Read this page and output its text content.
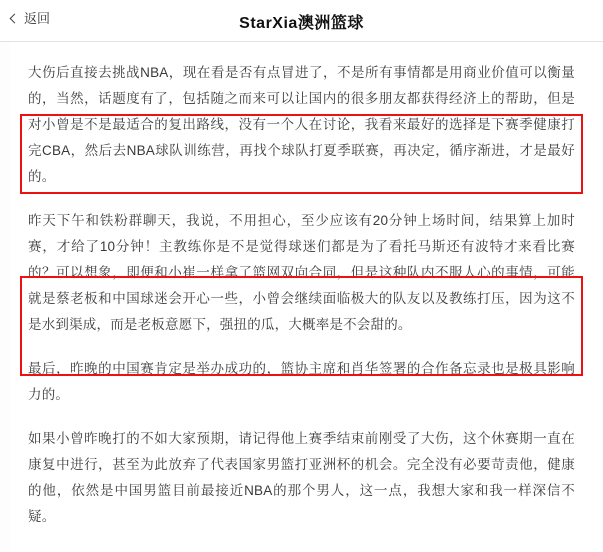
返回	StarXia澳洲篮球

大伤后直接去挑战NBA，现在看是否有点冒进了，不是所有事情都是用商业价值可以衡量的，当然，话题度有了，包括随之而来可以让国内的很多朋友都获得经济上的帮助，但是对小曾是不是最适合的复出路线，没有一个人在讨论，我看来最好的选择是下赛季健康打完CBA，然后去NBA球队训练营，再找个球队打夏季联赛，再决定，循序渐进，才是最好的。

昨天下午和铁粉群聊天，我说，不用担心，至少应该有20分钟上场时间，结果算上加时赛，才给了10分钟！主教练你是不是觉得球迷们都是为了看托马斯还有波特才来看比赛的？可以想象，即便和小崔一样拿了篮网双向合同，但是这种队内不服人心的事情，可能就是蔡老板和中国球迷会开心一些，小曾会继续面临极大的队友以及教练打压，因为这不是水到渠成，而是老板意愿下，强扭的瓜，大概率是不会甜的。

最后，昨晚的中国赛肯定是举办成功的，篮协主席和肖华签署的合作备忘录也是极具影响力的。

如果小曾昨晚打的不如大家预期，请记得他上赛季结束前刚受了大伤，这个休赛期一直在康复中进行，甚至为此放弃了代表国家男篮打亚洲杯的机会。完全没有必要苛责他，健康的他，依然是中国男篮目前最接近NBA的那个男人，这一点，我想大家和我一样深信不疑。
